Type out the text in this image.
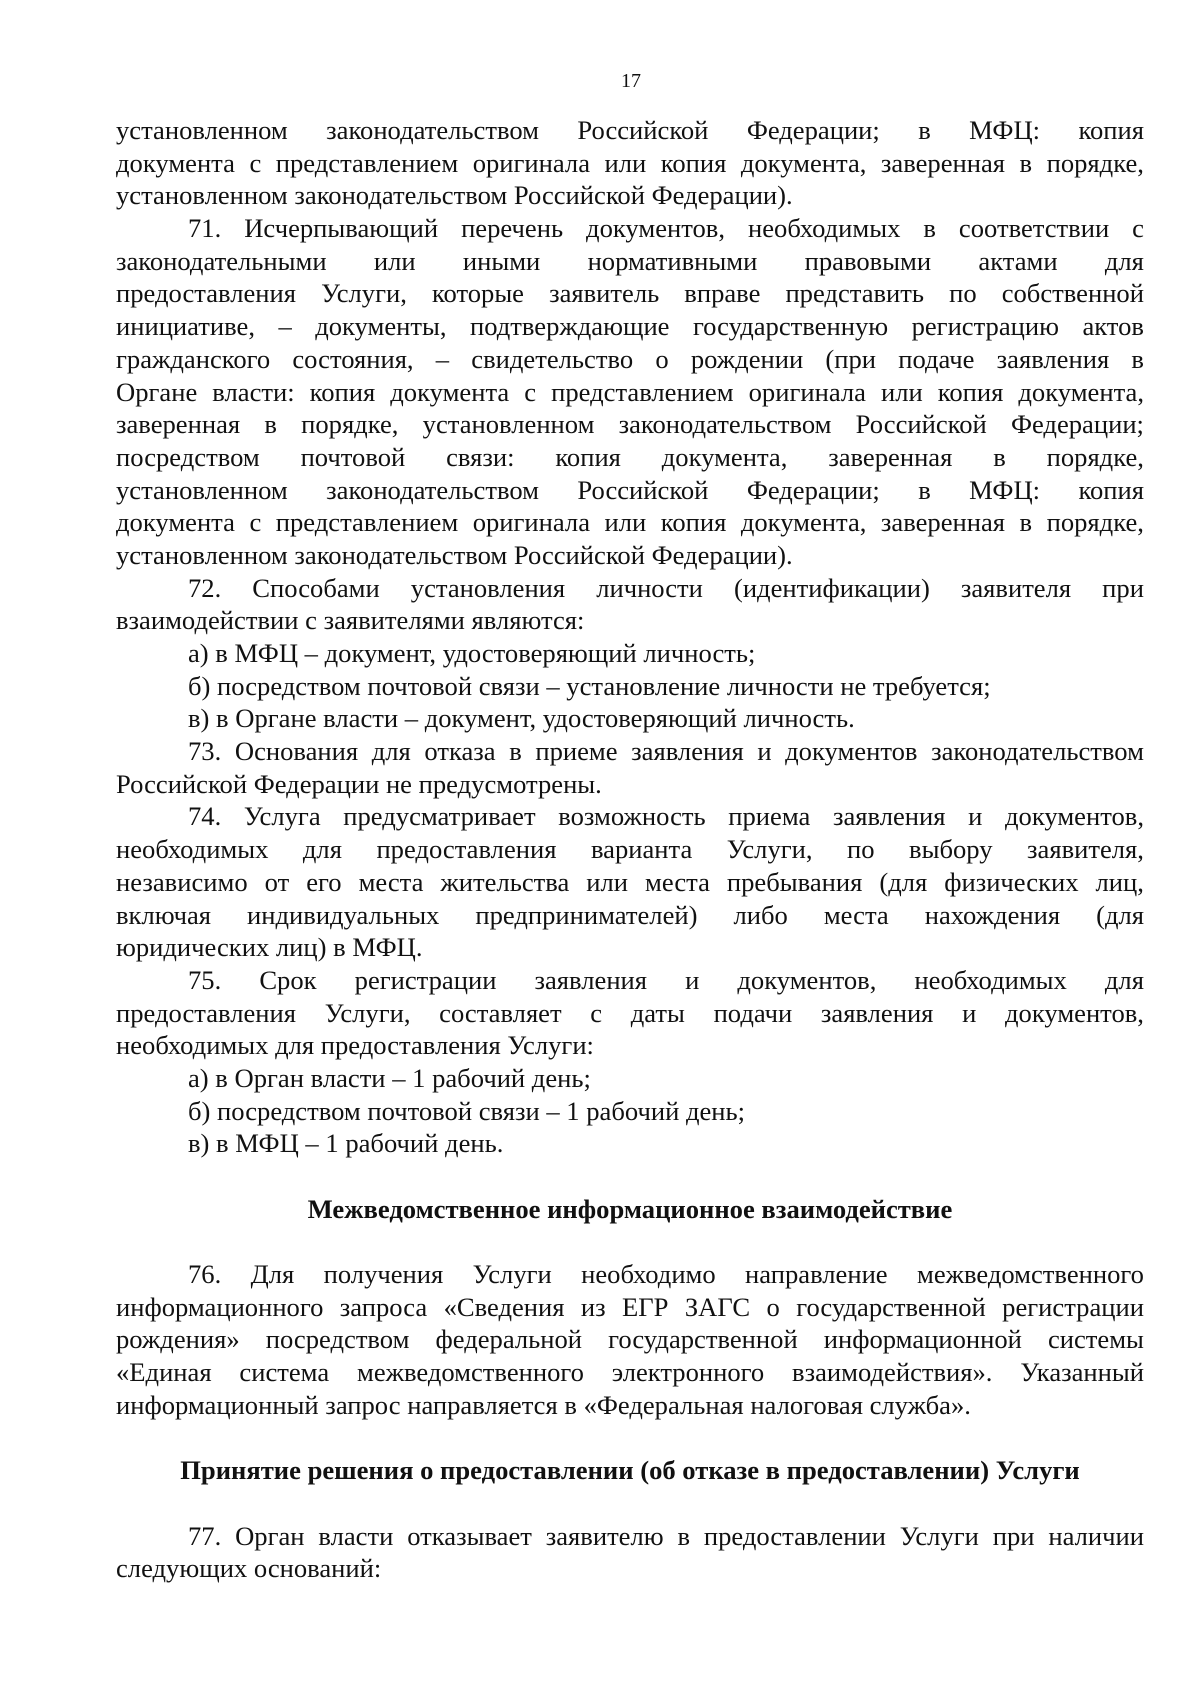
17
установленном законодательством Российской Федерации; в МФЦ: копия
документа с представлением оригинала или копия документа, заверенная в порядке,
установленном законодательством Российской Федерации).
71. Исчерпывающий перечень документов, необходимых в соответствии с
законодательными или иными нормативными правовыми актами для
предоставления Услуги, которые заявитель вправе представить по собственной
инициативе, – документы, подтверждающие государственную регистрацию актов
гражданского состояния, – свидетельство о рождении (при подаче заявления в
Органе власти: копия документа с представлением оригинала или копия документа,
заверенная в порядке, установленном законодательством Российской Федерации;
посредством почтовой связи: копия документа, заверенная в порядке,
установленном законодательством Российской Федерации; в МФЦ: копия
документа с представлением оригинала или копия документа, заверенная в порядке,
установленном законодательством Российской Федерации).
72. Способами установления личности (идентификации) заявителя при
взаимодействии с заявителями являются:
а) в МФЦ – документ, удостоверяющий личность;
б) посредством почтовой связи – установление личности не требуется;
в) в Органе власти – документ, удостоверяющий личность.
73. Основания для отказа в приеме заявления и документов законодательством
Российской Федерации не предусмотрены.
74. Услуга предусматривает возможность приема заявления и документов,
необходимых для предоставления варианта Услуги, по выбору заявителя,
независимо от его места жительства или места пребывания (для физических лиц,
включая индивидуальных предпринимателей) либо места нахождения (для
юридических лиц) в МФЦ.
75. Срок регистрации заявления и документов, необходимых для
предоставления Услуги, составляет с даты подачи заявления и документов,
необходимых для предоставления Услуги:
а) в Орган власти – 1 рабочий день;
б) посредством почтовой связи – 1 рабочий день;
в) в МФЦ – 1 рабочий день.
Межведомственное информационное взаимодействие
76. Для получения Услуги необходимо направление межведомственного
информационного запроса «Сведения из ЕГР ЗАГС о государственной регистрации
рождения» посредством федеральной государственной информационной системы
«Единая система межведомственного электронного взаимодействия». Указанный
информационный запрос направляется в «Федеральная налоговая служба».
Принятие решения о предоставлении (об отказе в предоставлении) Услуги
77. Орган власти отказывает заявителю в предоставлении Услуги при наличии
следующих оснований:
